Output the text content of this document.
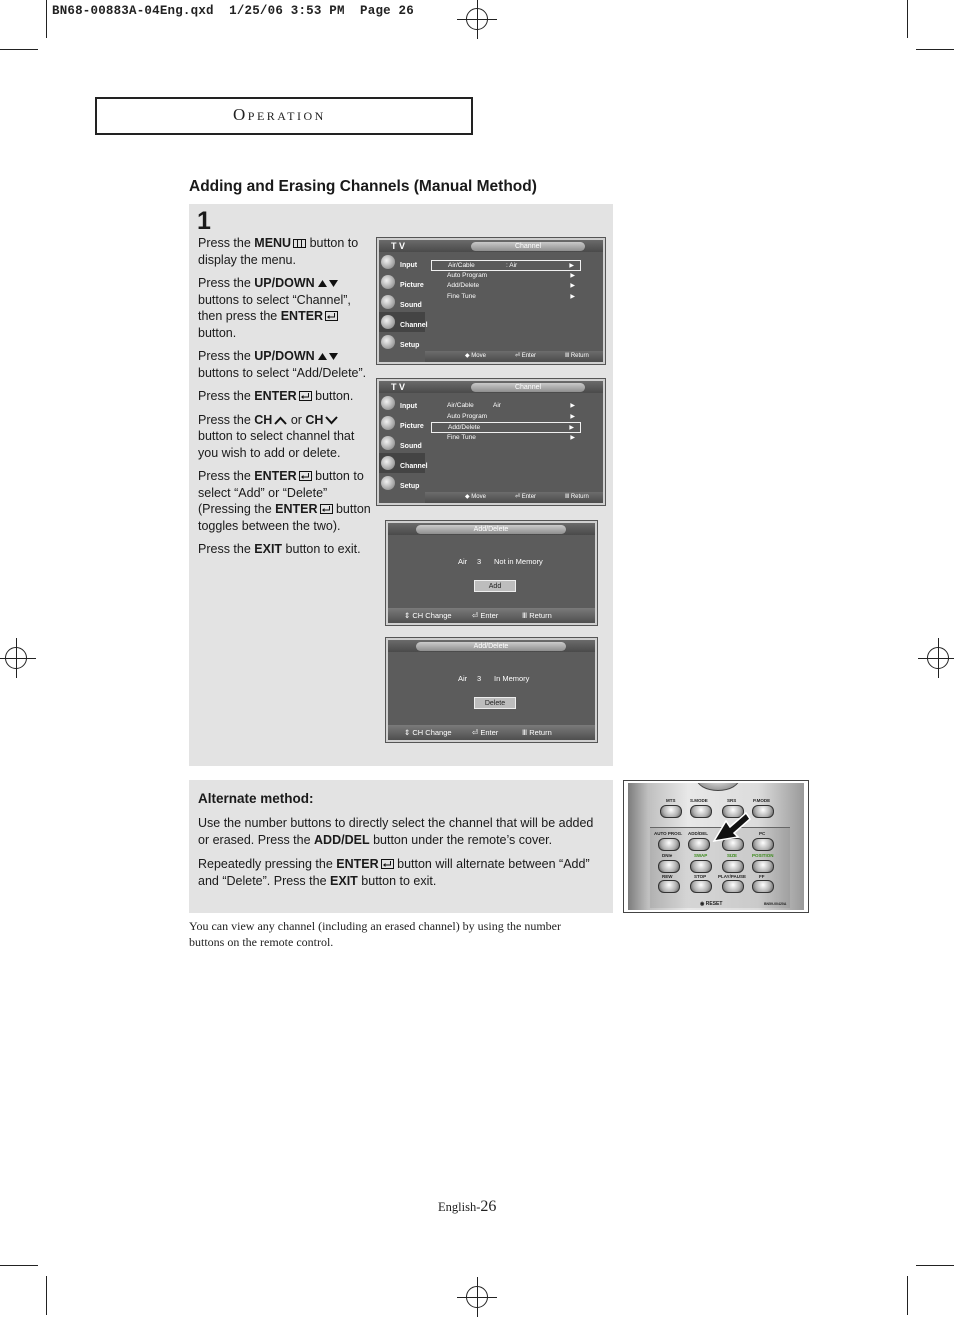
BN68-00883A-04Eng.qxd  1/25/06 3:53 PM  Page 26
Operation
Adding and Erasing Channels (Manual Method)
1

Press the MENU button to display the menu.

Press the UP/DOWN buttons to select “Channel”, then press the ENTER button.

Press the UP/DOWN buttons to select “Add/Delete”.

Press the ENTER button.

Press the CH or CH button to select channel that you wish to add or delete.

Press the ENTER button to select “Add” or “Delete” (Pressing the ENTER button toggles between the two).

Press the EXIT button to exit.

T V	Channel
Input
Picture
Sound
Channel
Setup
Air/Cable	: Air	▶
Auto Program	▶
Add/Delete	▶
Fine Tune	▶
◆ Move	⏎ Enter	Ⅲ Return
T V	Channel
Input
Picture
Sound
Channel
Setup
Air/Cable	Air	▶
Auto Program	▶
Add/Delete	▶
Fine Tune	▶
◆ Move	⏎ Enter	Ⅲ Return
Add/Delete
Air 3 Not in Memory
Add
⇕ CH Change	⏎ Enter	Ⅲ Return
Add/Delete
Air 3 In Memory
Delete
⇕ CH Change	⏎ Enter	Ⅲ Return
Alternate method:

Use the number buttons to directly select the channel that will be added or erased. Press the ADD/DEL button under the remote’s cover.

Repeatedly pressing the ENTER button will alternate between “Add” and “Delete”. Press the EXIT button to exit.

You can view any channel (including an erased channel) by using the number buttons on the remote control.
MTS	S.MODE	SRS	P.MODE
AUTO PROG. ADD/DEL	PC
DNIe	SWAP	SIZE	POSITION
REW	STOP	PLAY/PAUSE	FF
◉ RESET	BN59-00420A
English-26
